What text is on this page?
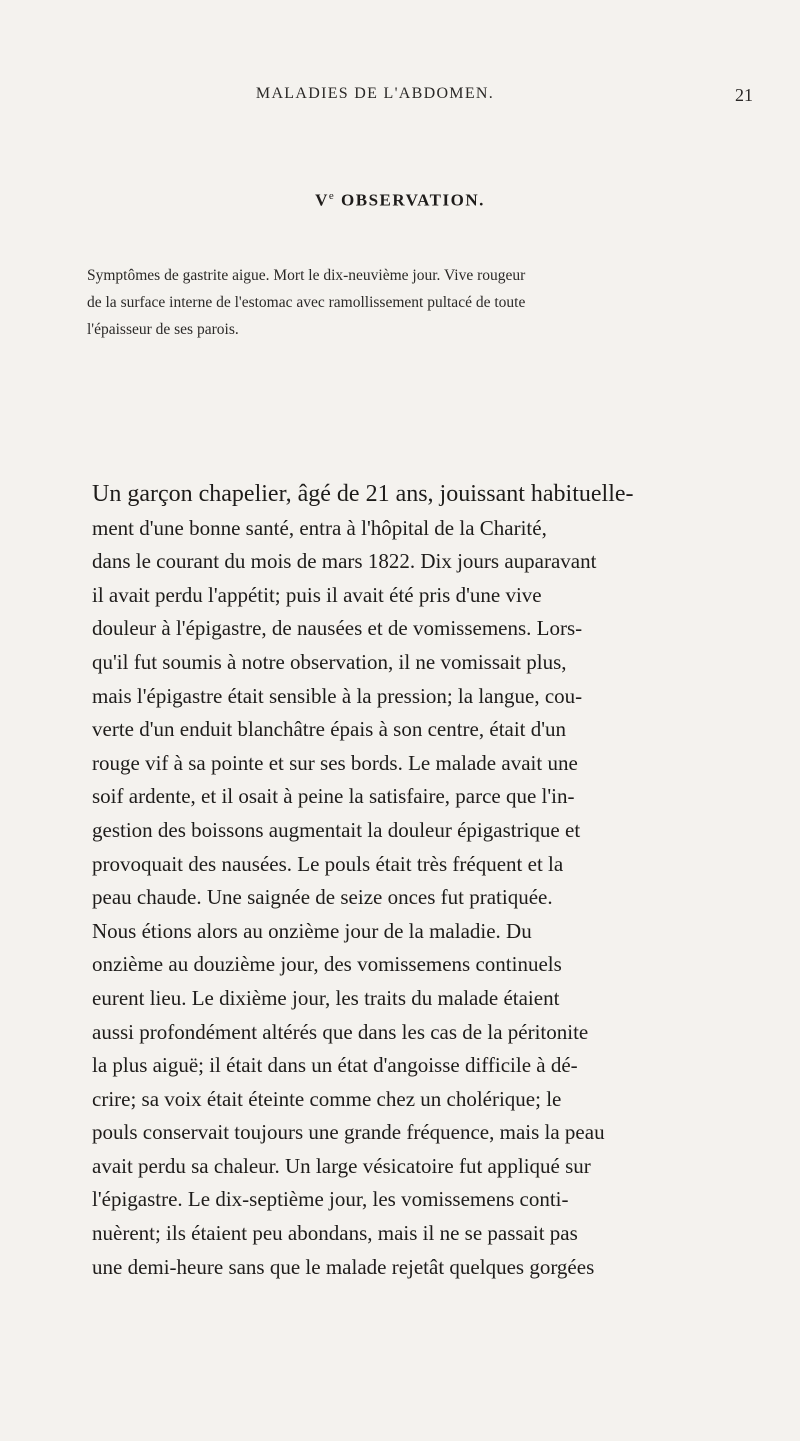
MALADIES DE L'ABDOMEN.	21
Ve OBSERVATION.
Symptômes de gastrite aigue. Mort le dix-neuvième jour. Vive rougeur
de la surface interne de l'estomac avec ramollissement pultacé de toute
l'épaisseur de ses parois.
Un garçon chapelier, âgé de 21 ans, jouissant habituelle-
ment d'une bonne santé, entra à l'hôpital de la Charité,
dans le courant du mois de mars 1822. Dix jours auparavant
il avait perdu l'appétit; puis il avait été pris d'une vive
douleur à l'épigastre, de nausées et de vomissemens. Lors-
qu'il fut soumis à notre observation, il ne vomissait plus,
mais l'épigastre était sensible à la pression; la langue, cou-
verte d'un enduit blanchâtre épais à son centre, était d'un
rouge vif à sa pointe et sur ses bords. Le malade avait une
soif ardente, et il osait à peine la satisfaire, parce que l'in-
gestion des boissons augmentait la douleur épigastrique et
provoquait des nausées. Le pouls était très fréquent et la
peau chaude. Une saignée de seize onces fut pratiquée.
Nous étions alors au onzième jour de la maladie. Du
onzième au douzième jour, des vomissemens continuels
eurent lieu. Le dixième jour, les traits du malade étaient
aussi profondément altérés que dans les cas de la péritonite
la plus aiguë; il était dans un état d'angoisse difficile à dé-
crire; sa voix était éteinte comme chez un cholérique; le
pouls conservait toujours une grande fréquence, mais la peau
avait perdu sa chaleur. Un large vésicatoire fut appliqué sur
l'épigastre. Le dix-septième jour, les vomissemens conti-
nuèrent; ils étaient peu abondans, mais il ne se passait pas
une demi-heure sans que le malade rejetât quelques gorgées
